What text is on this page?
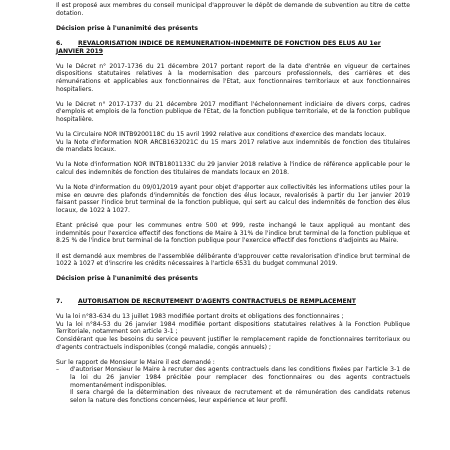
Il est proposé aux membres du conseil municipal d'approuver le dépôt de demande de subvention au titre de cette dotation.

Décision prise à l'unanimité des présents

6.	REVALORISATION INDICE DE REMUNERATION-INDEMNITE DE FONCTION DES ELUS AU 1er JANVIER 2019

Vu le Décret n° 2017-1736 du 21 décembre 2017 portant report de la date d'entrée en vigueur de certaines dispositions statutaires relatives à la modernisation des parcours professionnels, des carrières et des rémunérations et applicables aux fonctionnaires de l'Etat, aux fonctionnaires territoriaux et aux fonctionnaires hospitaliers.

Vu le Décret n° 2017-1737 du 21 décembre 2017 modifiant l'échelonnement indiciaire de divers corps, cadres d'emplois et emplois de la fonction publique de l'Etat, de la fonction publique territoriale, et de la fonction publique hospitalière.

Vu la Circulaire NOR INTB9200118C du 15 avril 1992 relative aux conditions d'exercice des mandats locaux.

Vu la Note d'information NOR ARCB1632021C du 15 mars 2017 relative aux indemnités de fonction des titulaires de mandats locaux.

Vu la Note d'information NOR INTB1801133C du 29 janvier 2018 relative à l'indice de référence applicable pour le calcul des indemnités de fonction des titulaires de mandats locaux en 2018.

Vu la Note d'information du 09/01/2019 ayant pour objet d'apporter aux collectivités les informations utiles pour la mise en œuvre des plafonds d'indemnités de fonction des élus locaux, revalorisés à partir du 1er janvier 2019 faisant passer l'indice brut terminal de la fonction publique, qui sert au calcul des indemnités de fonction des élus locaux, de 1022 à 1027.

Etant précisé que pour les communes entre 500 et 999, reste inchangé le taux appliqué au montant des indemnités pour l'exercice effectif des fonctions de Maire à 31% de l'indice brut terminal de la fonction publique et 8.25 % de l'indice brut terminal de la fonction publique pour l'exercice effectif des fonctions d'adjoints au Maire.

Il est demandé aux membres de l'assemblée délibérante d'approuver cette revalorisation d'indice brut terminal de 1022 à 1027 et d'inscrire les crédits nécessaires à l'article 6531 du budget communal 2019.

Décision prise à l'unanimité des présents

7.	AUTORISATION DE RECRUTEMENT D'AGENTS CONTRACTUELS DE REMPLACEMENT

Vu la loi n°83-634 du 13 juillet 1983 modifiée portant droits et obligations des fonctionnaires ;

Vu la loi n°84-53 du 26 janvier 1984 modifiée portant dispositions statutaires relatives à la Fonction Publique Territoriale, notamment son article 3-1 ;

Considérant que les besoins du service peuvent justifier le remplacement rapide de fonctionnaires territoriaux ou d'agents contractuels indisponibles (congé maladie, congés annuels) ;

Sur le rapport de Monsieur le Maire il est demandé :

– d'autoriser Monsieur le Maire à recruter des agents contractuels dans les conditions fixées par l'article 3-1 de la loi du 26 janvier 1984 précitée pour remplacer des fonctionnaires ou des agents contractuels momentanément indisponibles.

Il sera chargé de la détermination des niveaux de recrutement et de rémunération des candidats retenus selon la nature des fonctions concernées, leur expérience et leur profil.
